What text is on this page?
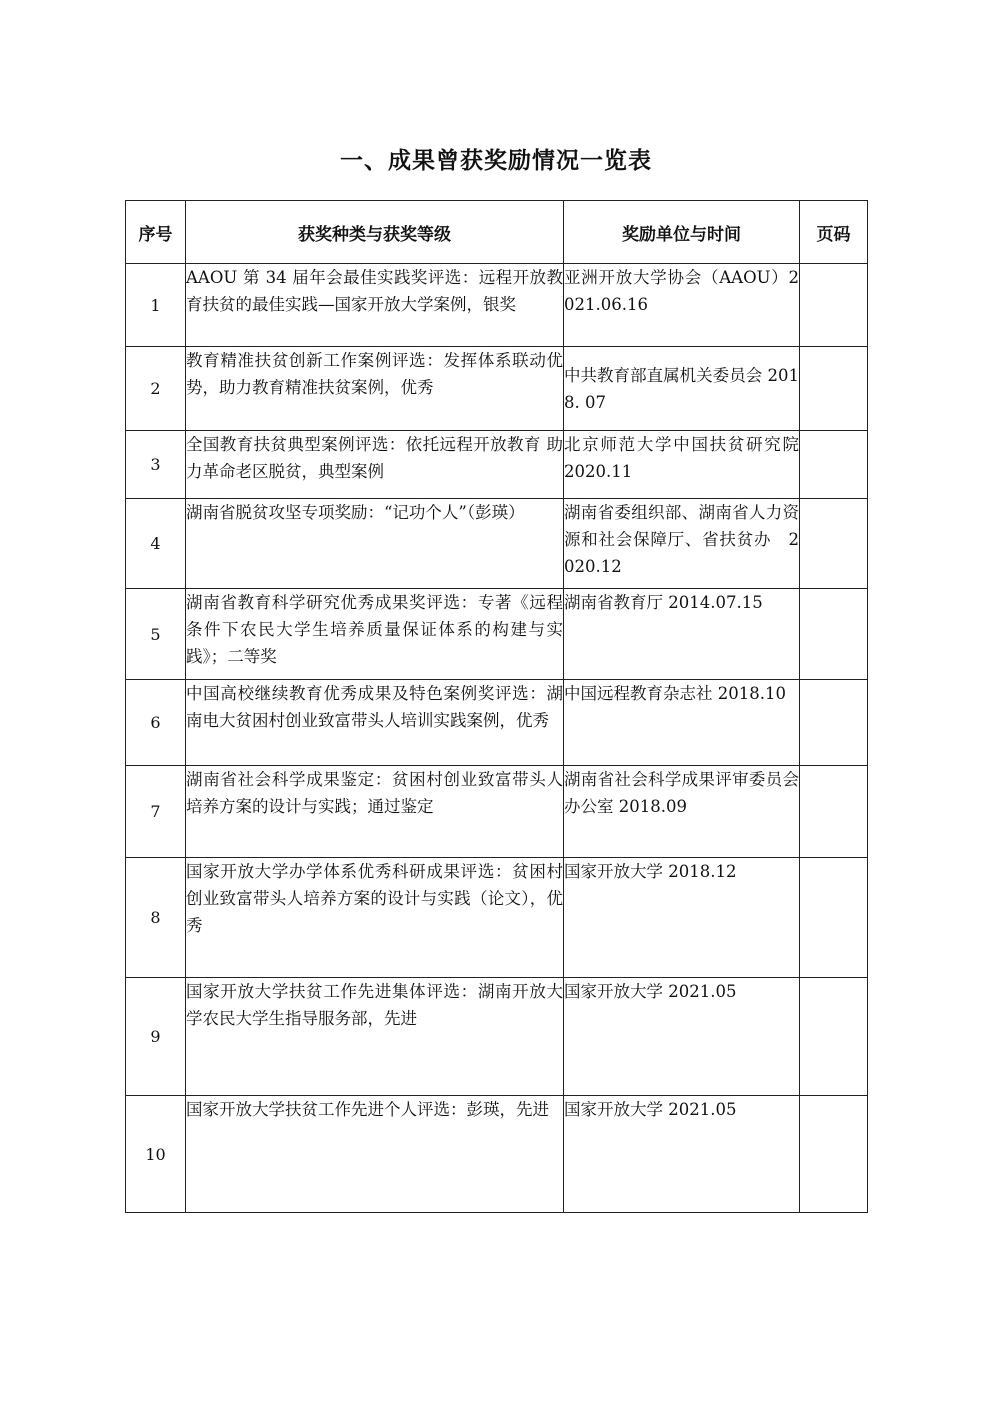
一、成果曾获奖励情况一览表
序号	获奖种类与获奖等级	奖励单位与时间	页码
1	AAOU 第 34 届年会最佳实践奖评选：远程开放教育扶贫的最佳实践—国家开放大学案例，银奖	亚洲开放大学协会（AAOU）2021.06.16	
2	教育精准扶贫创新工作案例评选：发挥体系联动优势，助力教育精准扶贫案例，优秀	中共教育部直属机关委员会 2018. 07	
3	全国教育扶贫典型案例评选：依托远程开放教育 助力革命老区脱贫，典型案例	北京师范大学中国扶贫研究院　2020.11	
4	湖南省脱贫攻坚专项奖励：“记功个人”（彭瑛）	湖南省委组织部、湖南省人力资源和社会保障厅、省扶贫办　2020.12	
5	湖南省教育科学研究优秀成果奖评选：专著《远程条件下农民大学生培养质量保证体系的构建与实践》；二等奖	湖南省教育厅 2014.07.15	
6	中国高校继续教育优秀成果及特色案例奖评选：湖南电大贫困村创业致富带头人培训实践案例，优秀	中国远程教育杂志社 2018.10	
7	湖南省社会科学成果鉴定：贫困村创业致富带头人培养方案的设计与实践；通过鉴定	湖南省社会科学成果评审委员会办公室 2018.09	
8	国家开放大学办学体系优秀科研成果评选：贫困村创业致富带头人培养方案的设计与实践（论文），优秀	国家开放大学 2018.12	
9	国家开放大学扶贫工作先进集体评选：湖南开放大学农民大学生指导服务部，先进	国家开放大学 2021.05	
10	国家开放大学扶贫工作先进个人评选：彭瑛，先进	国家开放大学 2021.05	
